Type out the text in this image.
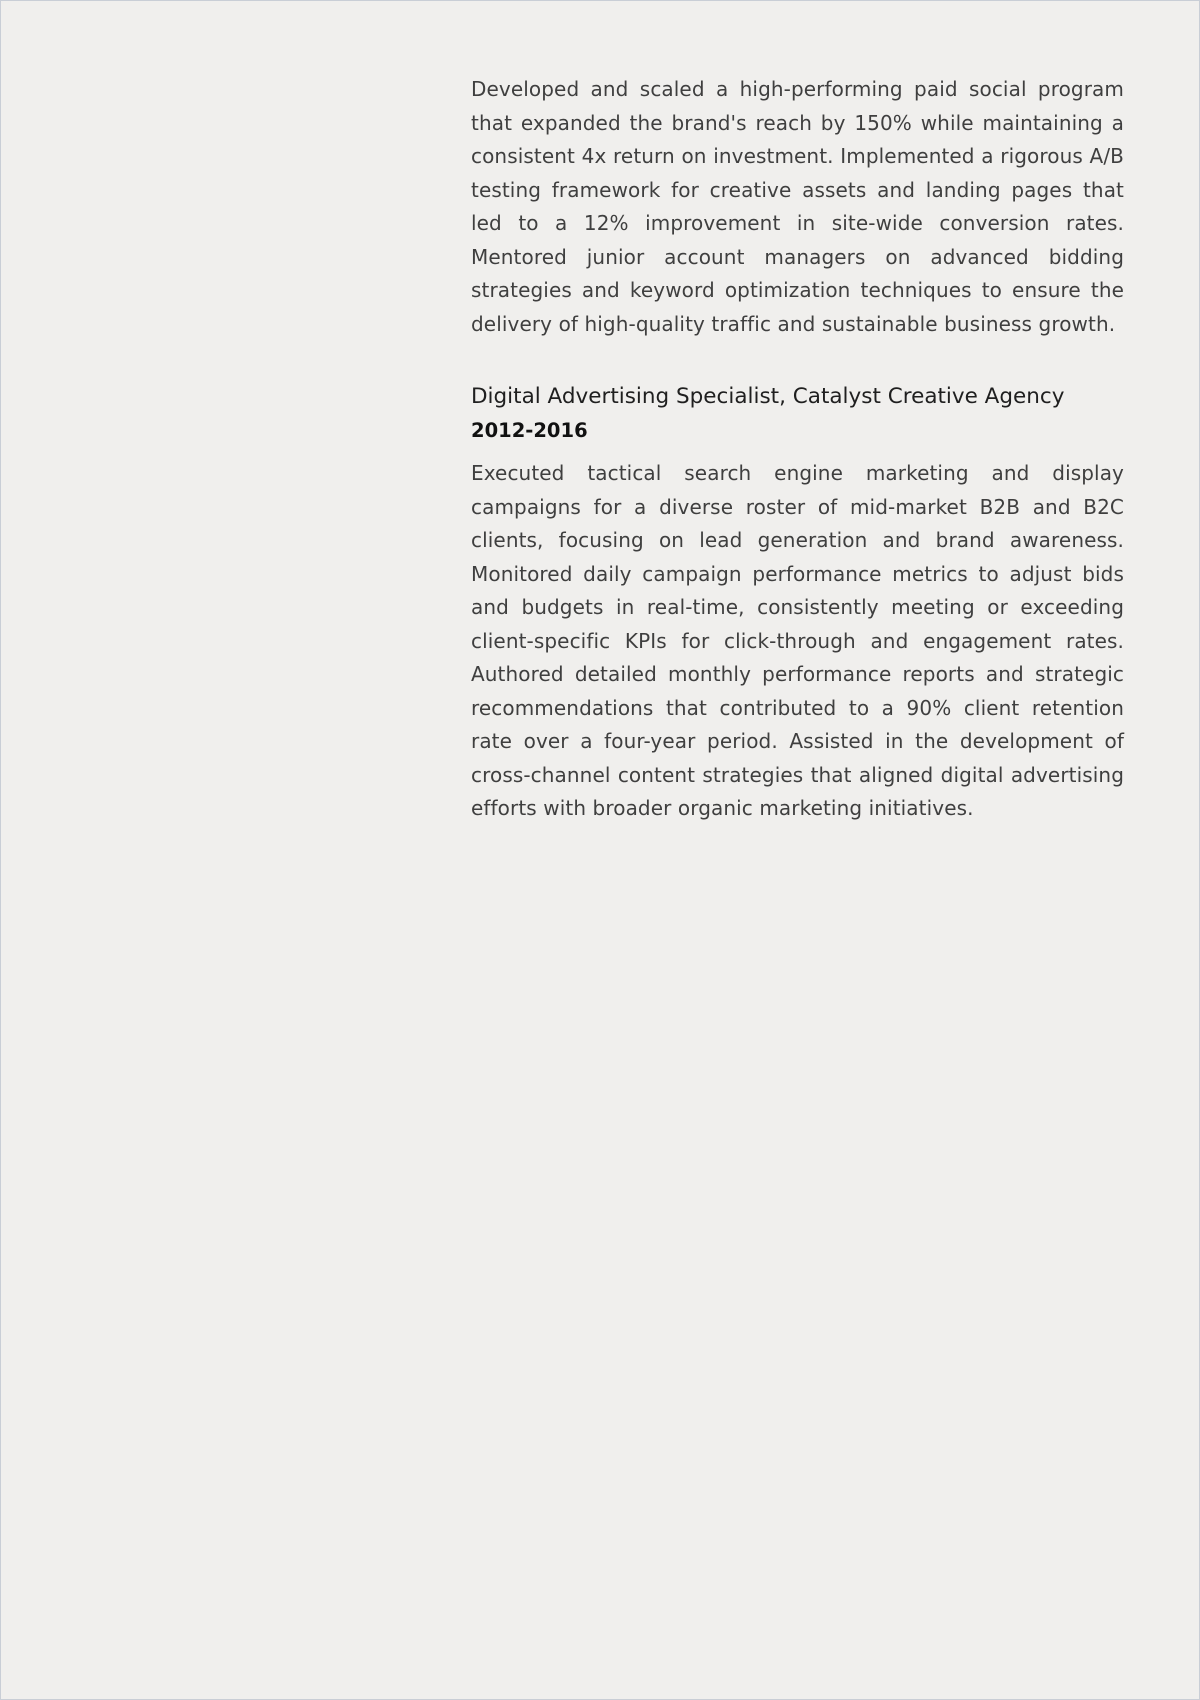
Developed and scaled a high-performing paid social program that expanded the brand's reach by 150% while maintaining a consistent 4x return on investment. Implemented a rigorous A/B testing framework for creative assets and landing pages that led to a 12% improvement in site-wide conversion rates. Mentored junior account managers on advanced bidding strategies and keyword optimization techniques to ensure the delivery of high-quality traffic and sustainable business growth.

Digital Advertising Specialist, Catalyst Creative Agency
2012-2016

Executed tactical search engine marketing and display campaigns for a diverse roster of mid-market B2B and B2C clients, focusing on lead generation and brand awareness. Monitored daily campaign performance metrics to adjust bids and budgets in real-time, consistently meeting or exceeding client-specific KPIs for click-through and engagement rates. Authored detailed monthly performance reports and strategic recommendations that contributed to a 90% client retention rate over a four-year period. Assisted in the development of cross-channel content strategies that aligned digital advertising efforts with broader organic marketing initiatives.
